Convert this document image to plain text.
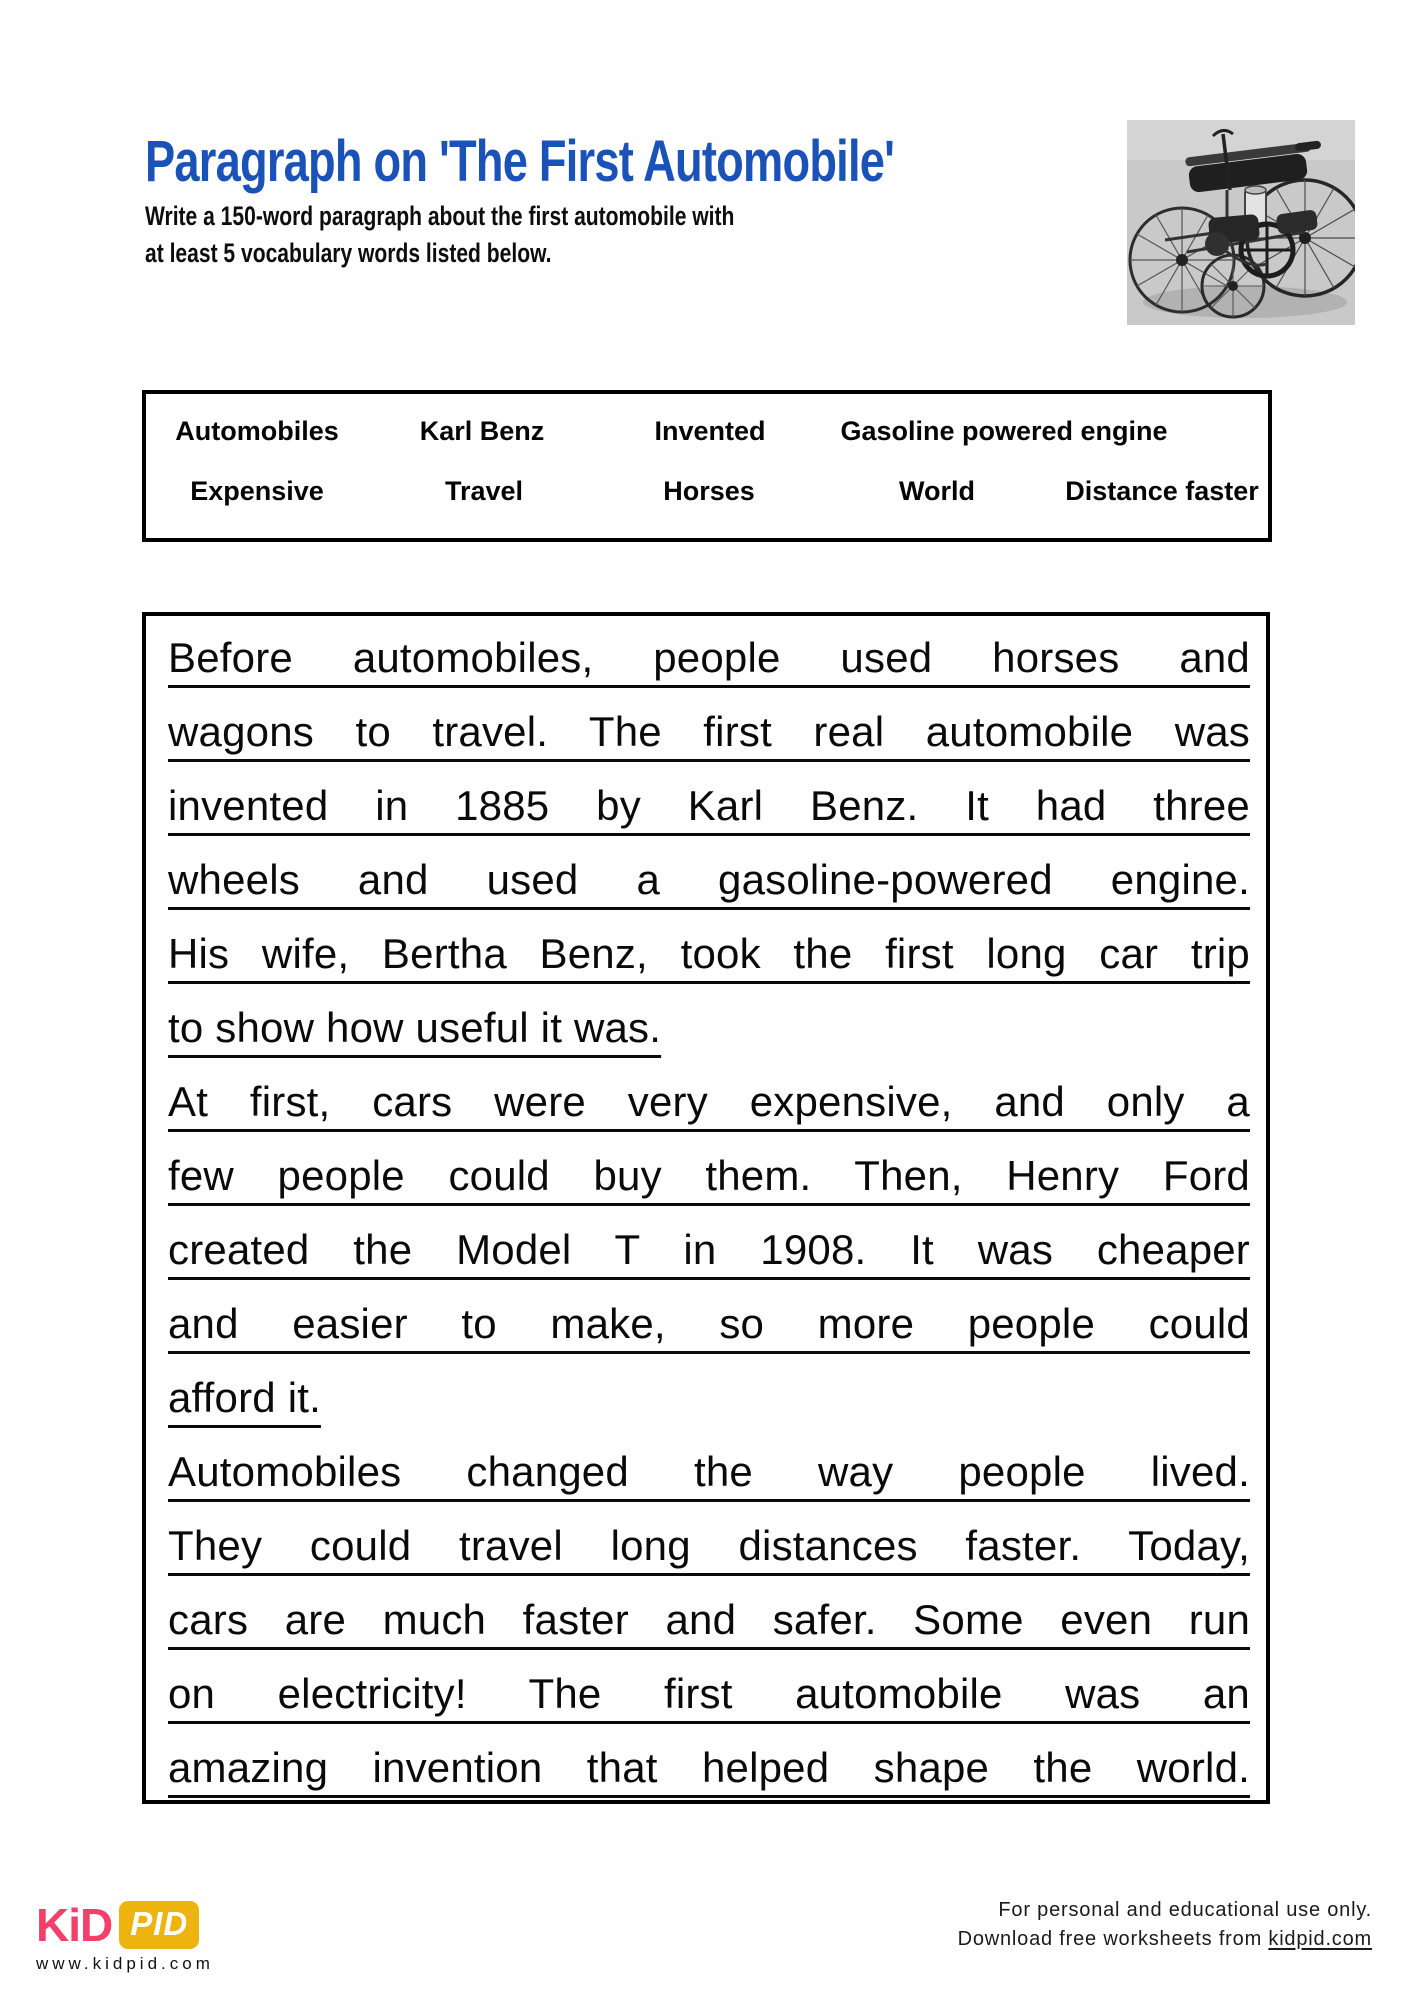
Paragraph on 'The First Automobile'
Write a 150-word paragraph about the first automobile with
at least 5 vocabulary words listed below.
Automobiles	Karl Benz	Invented	Gasoline powered engine
Expensive	Travel	Horses	World	Distance faster
Before automobiles, people used horses and
wagons to travel. The first real automobile was
invented in 1885 by Karl Benz. It had three
wheels and used a gasoline-powered engine.
His wife, Bertha Benz, took the first long car trip
to show how useful it was.
At first, cars were very expensive, and only a
few people could buy them. Then, Henry Ford
created the Model T in 1908. It was cheaper
and easier to make, so more people could
afford it.
Automobiles changed the way people lived.
They could travel long distances faster. Today,
cars are much faster and safer. Some even run
on electricity! The first automobile was an
amazing invention that helped shape the world.
KiD PID
www.kidpid.com
For personal and educational use only.
Download free worksheets from kidpid.com
